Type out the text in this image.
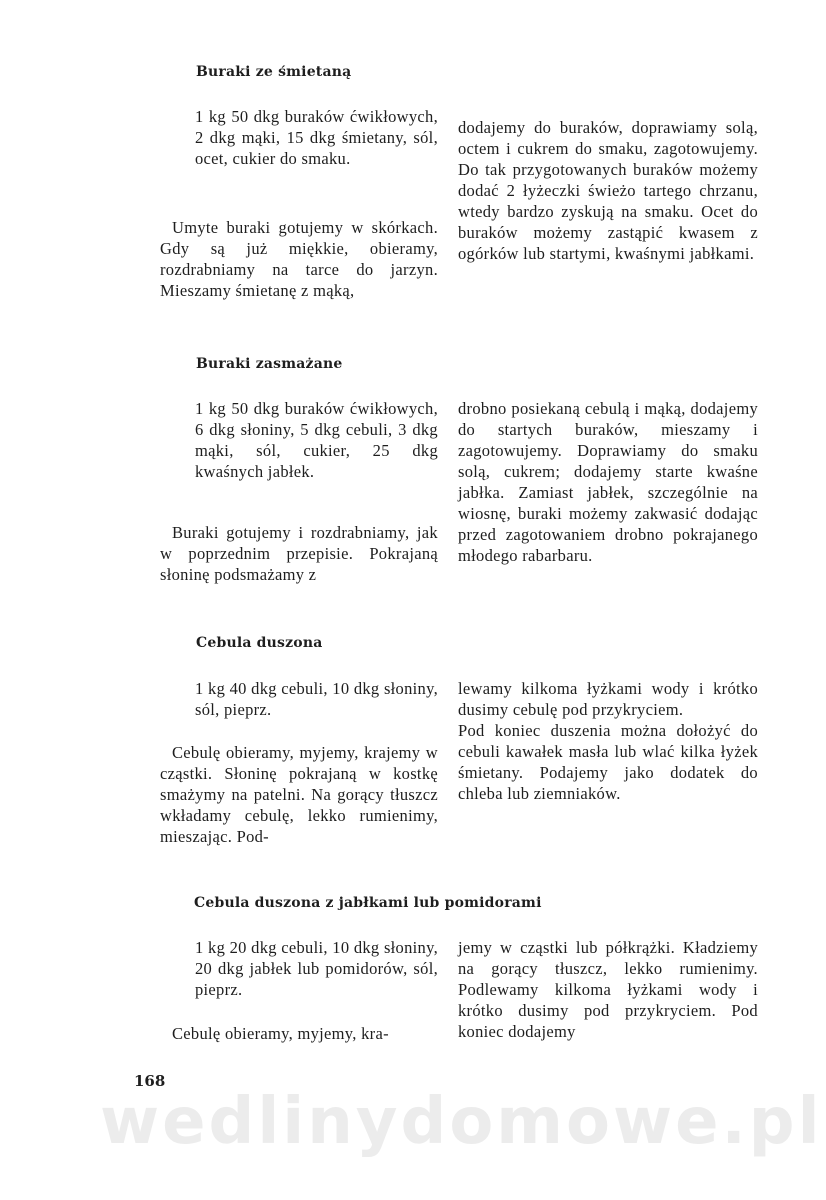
Buraki ze śmietaną

1 kg 50 dkg buraków ćwikłowych, 2 dkg mąki, 15 dkg śmietany, sól, ocet, cukier do smaku.

Umyte buraki gotujemy w skórkach. Gdy są już miękkie, obieramy, rozdrabniamy na tarce do jarzyn. Mieszamy śmietanę z mąką,

dodajemy do buraków, doprawiamy solą, octem i cukrem do smaku, zagotowujemy. Do tak przygotowanych buraków możemy dodać 2 łyżeczki świeżo tartego chrzanu, wtedy bardzo zyskują na smaku. Ocet do buraków możemy zastąpić kwasem z ogórków lub startymi, kwaśnymi jabłkami.

Buraki zasmażane

1 kg 50 dkg buraków ćwikłowych, 6 dkg słoniny, 5 dkg cebuli, 3 dkg mąki, sól, cukier, 25 dkg kwaśnych jabłek.

Buraki gotujemy i rozdrabniamy, jak w poprzednim przepisie. Pokrajaną słoninę podsmażamy z

drobno posiekaną cebulą i mąką, dodajemy do startych buraków, mieszamy i zagotowujemy. Doprawiamy do smaku solą, cukrem; dodajemy starte kwaśne jabłka. Zamiast jabłek, szczególnie na wiosnę, buraki możemy zakwasić dodając przed zagotowaniem drobno pokrajanego młodego rabarbaru.

Cebula duszona

1 kg 40 dkg cebuli, 10 dkg słoniny, sól, pieprz.

Cebulę obieramy, myjemy, krajemy w cząstki. Słoninę pokrajaną w kostkę smażymy na patelni. Na gorący tłuszcz wkładamy cebulę, lekko rumienimy, mieszając. Pod-

lewamy kilkoma łyżkami wody i krótko dusimy cebulę pod przykryciem.
Pod koniec duszenia można dołożyć do cebuli kawałek masła lub wlać kilka łyżek śmietany. Podajemy jako dodatek do chleba lub ziemniaków.

Cebula duszona z jabłkami lub pomidorami

1 kg 20 dkg cebuli, 10 dkg słoniny, 20 dkg jabłek lub pomidorów, sól, pieprz.

Cebulę obieramy, myjemy, kra-

jemy w cząstki lub półkrążki. Kładziemy na gorący tłuszcz, lekko rumienimy. Podlewamy kilkoma łyżkami wody i krótko dusimy pod przykryciem. Pod koniec dodajemy

168
wedlinydomowe.pl
